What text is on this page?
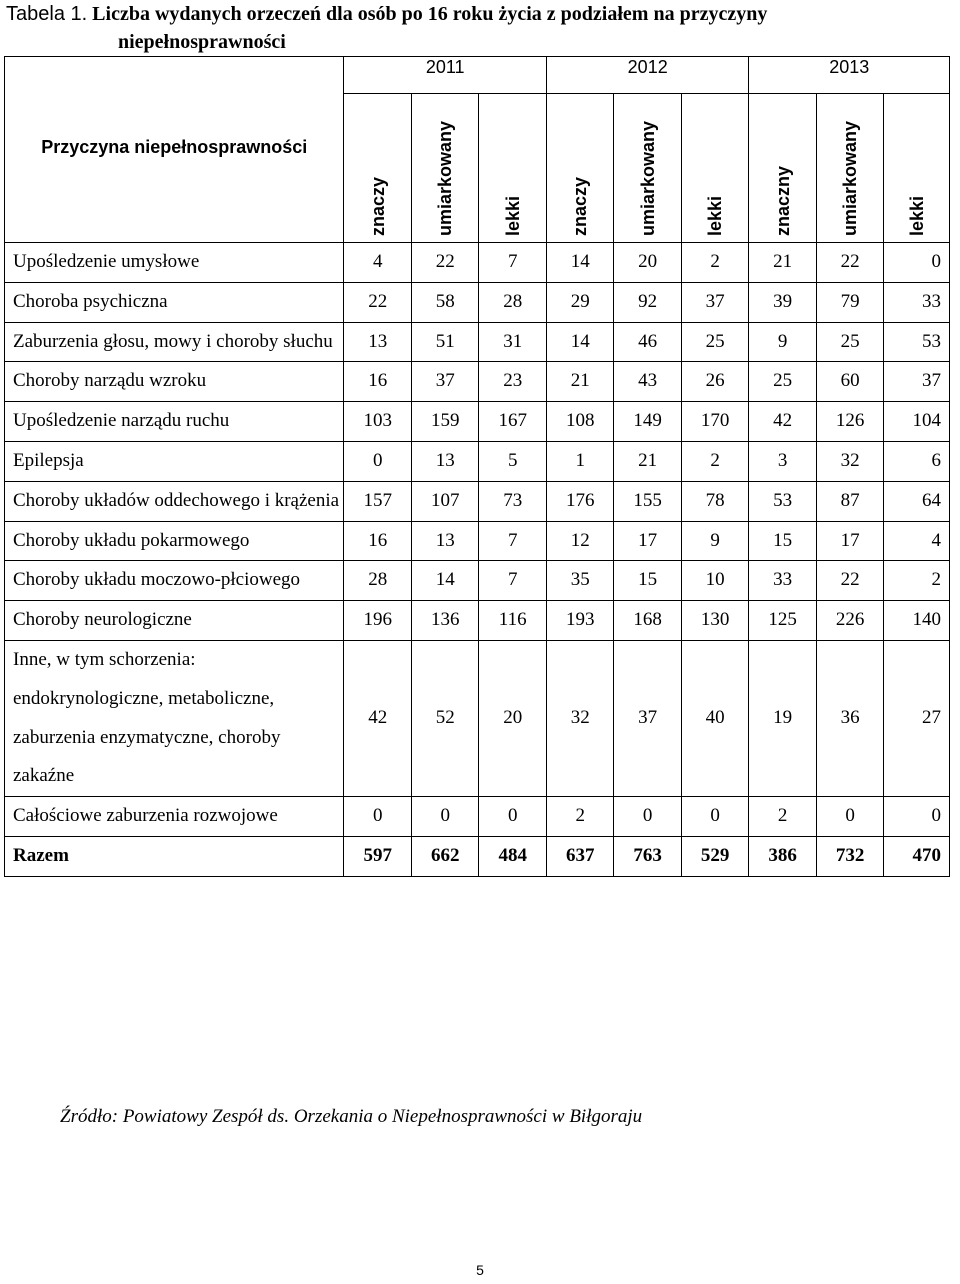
Tabela 1. Liczba wydanych orzeczeń dla osób po 16 roku życia z podziałem na przyczyny
niepełnosprawności
Przyczyna niepełnosprawności	2011			2012			2013		

	znaczy	umiarkowany	lekki	znaczy	umiarkowany	lekki	znaczny	umiarkowany	lekki

Upośledzenie umysłowe	4	22	7	14	20	2	21	22	0
Choroba psychiczna	22	58	28	29	92	37	39	79	33
Zaburzenia głosu, mowy i choroby słuchu	13	51	31	14	46	25	9	25	53
Choroby narządu wzroku	16	37	23	21	43	26	25	60	37
Upośledzenie narządu ruchu	103	159	167	108	149	170	42	126	104
Epilepsja	0	13	5	1	21	2	3	32	6
Choroby układów oddechowego i krążenia	157	107	73	176	155	78	53	87	64
Choroby układu pokarmowego	16	13	7	12	17	9	15	17	4
Choroby układu moczowo-płciowego	28	14	7	35	15	10	33	22	2
Choroby neurologiczne	196	136	116	193	168	130	125	226	140
Inne, w tym schorzenia: endokrynologiczne, metaboliczne, zaburzenia enzymatyczne, choroby zakaźne	42	52	20	32	37	40	19	36	27
Całościowe zaburzenia rozwojowe	0	0	0	2	0	0	2	0	0
Razem	597	662	484	637	763	529	386	732	470
Źródło: Powiatowy Zespół ds. Orzekania o Niepełnosprawności w Biłgoraju
5
